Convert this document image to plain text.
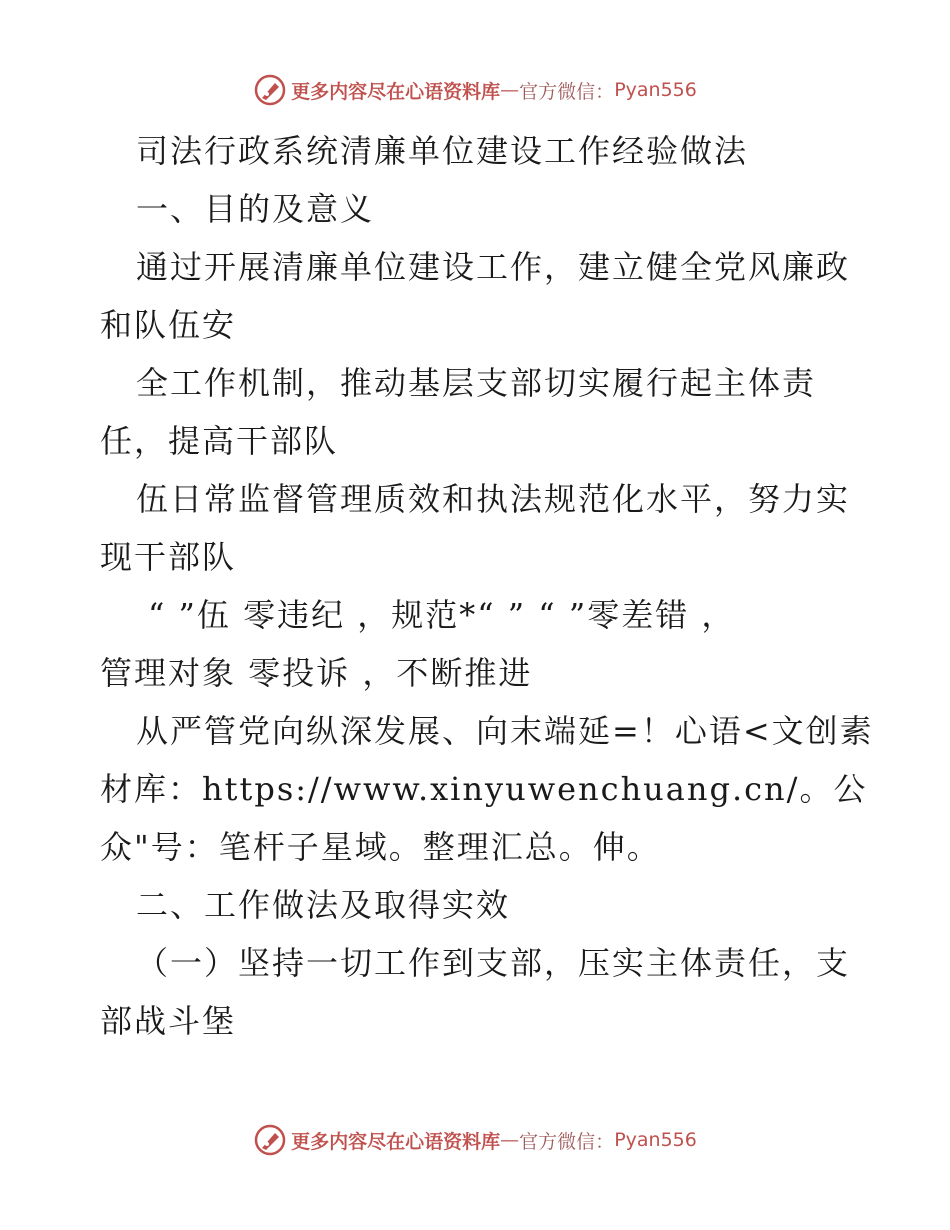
更多内容尽在心语资料库 — 官方微信： Pyan556

司法行政系统清廉单位建设工作经验做法

一、目的及意义

通过开展清廉单位建设工作，建立健全党风廉政

和队伍安

全工作机制，推动基层支部切实履行起主体责

任，提高干部队

伍日常监督管理质效和执法规范化水平，努力实

现干部队

“ ”伍 零违纪 ，规范*“ ” “ ”零差错 ，

管理对象 零投诉 ，不断推进

从严管党向纵深发展、向末端延=！心语<文创素

材库：https://www.xinyuwenchuang.cn/。公

众"号：笔杆子星域。整理汇总。伸。

二、工作做法及取得实效

（一）坚持一切工作到支部，压实主体责任，支

部战斗堡

更多内容尽在心语资料库 — 官方微信： Pyan556
